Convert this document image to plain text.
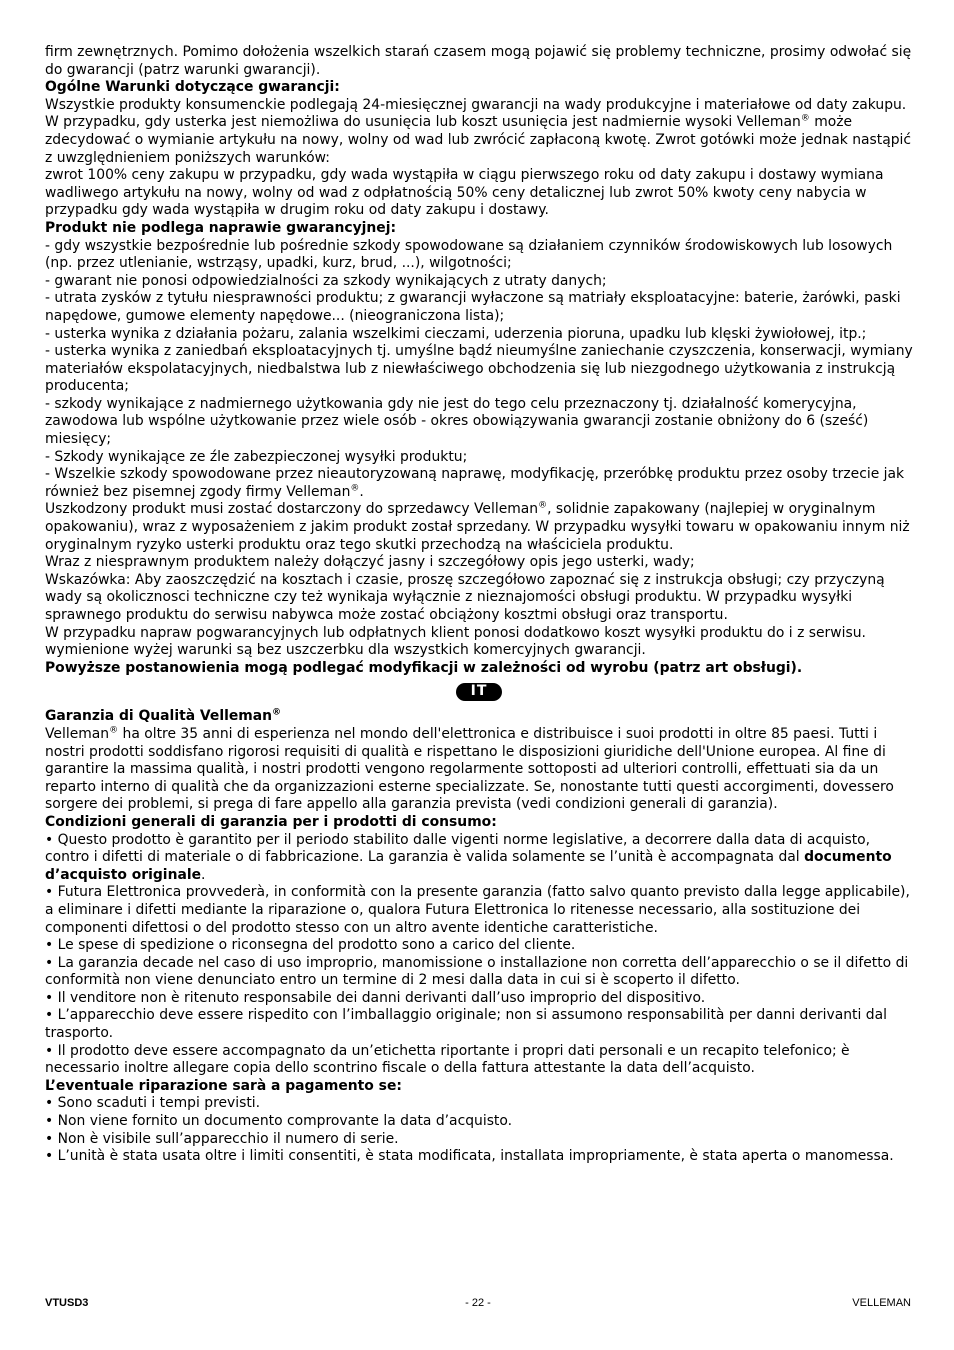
firm zewnętrznych. Pomimo dołożenia wszelkich starań czasem mogą pojawić się problemy techniczne, prosimy odwołać się do gwarancji (patrz warunki gwarancji).

Ogólne Warunki dotyczące gwarancji:

Wszystkie produkty konsumenckie podlegają 24-miesięcznej gwarancji na wady produkcyjne i materiałowe od daty zakupu.

W przypadku, gdy usterka jest niemożliwa do usunięcia lub koszt usunięcia jest nadmiernie wysoki Velleman® może zdecydować o wymianie artykułu na nowy, wolny od wad lub zwrócić zapłaconą kwotę. Zwrot gotówki może jednak nastąpić z uwzględnieniem poniższych warunków:

zwrot 100% ceny zakupu w przypadku, gdy wada wystąpiła w ciągu pierwszego roku od daty zakupu i dostawy wymiana wadliwego artykułu na nowy, wolny od wad z odpłatnością 50% ceny detalicznej lub zwrot 50% kwoty ceny nabycia w przypadku gdy wada wystąpiła w drugim roku od daty zakupu i dostawy.

Produkt nie podlega naprawie gwarancyjnej:

- gdy wszystkie bezpośrednie lub pośrednie szkody spowodowane są działaniem czynników środowiskowych lub losowych (np. przez utlenianie, wstrząsy, upadki, kurz, brud, ...), wilgotności;

- gwarant nie ponosi odpowiedzialności za szkody wynikających z utraty danych;

- utrata zysków z tytułu niesprawności produktu; z gwarancji wyłaczone są matriały eksploatacyjne: baterie, żarówki, paski napędowe, gumowe elementy napędowe... (nieograniczona lista);

- usterka wynika z działania pożaru, zalania wszelkimi cieczami, uderzenia pioruna, upadku lub klęski żywiołowej, itp.;

- usterka wynika z zaniedbań eksploatacyjnych tj. umyślne bądź nieumyślne zaniechanie czyszczenia, konserwacji, wymiany materiałów ekspolatacyjnych, niedbalstwa lub z niewłaściwego obchodzenia się lub niezgodnego użytkowania z instrukcją producenta;

- szkody wynikające z nadmiernego użytkowania gdy nie jest do tego celu przeznaczony tj. działalność komerycyjna, zawodowa lub wspólne użytkowanie przez wiele osób - okres obowiązywania gwarancji zostanie obniżony do 6 (sześć) miesięcy;

- Szkody wynikające ze źle zabezpieczonej wysyłki produktu;

- Wszelkie szkody spowodowane przez nieautoryzowaną naprawę, modyfikację, przeróbkę produktu przez osoby trzecie jak również bez pisemnej zgody firmy Velleman®.

Uszkodzony produkt musi zostać dostarczony do sprzedawcy Velleman®, solidnie zapakowany (najlepiej w oryginalnym opakowaniu), wraz z wyposażeniem z jakim produkt został sprzedany. W przypadku wysyłki towaru w opakowaniu innym niż oryginalnym ryzyko usterki produktu oraz tego skutki przechodzą na właściciela produktu.

Wraz z niesprawnym produktem należy dołączyć jasny i szczegółowy opis jego usterki, wady;

Wskazówka: Aby zaoszczędzić na kosztach i czasie, proszę szczegółowo zapoznać się z instrukcja obsługi; czy przyczyną wady są okolicznosci techniczne czy też wynikaja wyłącznie z nieznajomości obsługi produktu. W przypadku wysyłki sprawnego produktu do serwisu nabywca może zostać obciążony kosztmi obsługi oraz transportu.

W przypadku napraw pogwarancyjnych lub odpłatnych klient ponosi dodatkowo koszt wysyłki produktu do i z serwisu. wymienione wyżej warunki są bez uszczerbku dla wszystkich komercyjnych gwarancji.

Powyższe postanowienia mogą podlegać modyfikacji w zależności od wyrobu (patrz art obsługi).

IT

Garanzia di Qualità Velleman®

Velleman® ha oltre 35 anni di esperienza nel mondo dell'elettronica e distribuisce i suoi prodotti in oltre 85 paesi. Tutti i nostri prodotti soddisfano rigorosi requisiti di qualità e rispettano le disposizioni giuridiche dell'Unione europea. Al fine di garantire la massima qualità, i nostri prodotti vengono regolarmente sottoposti ad ulteriori controlli, effettuati sia da un reparto interno di qualità che da organizzazioni esterne specializzate. Se, nonostante tutti questi accorgimenti, dovessero sorgere dei problemi, si prega di fare appello alla garanzia prevista (vedi condizioni generali di garanzia).

Condizioni generali di garanzia per i prodotti di consumo:

• Questo prodotto è garantito per il periodo stabilito dalle vigenti norme legislative, a decorrere dalla data di acquisto, contro i difetti di materiale o di fabbricazione. La garanzia è valida solamente se l’unità è accompagnata dal documento d’acquisto originale.

• Futura Elettronica provvederà, in conformità con la presente garanzia (fatto salvo quanto previsto dalla legge applicabile), a eliminare i difetti mediante la riparazione o, qualora Futura Elettronica lo ritenesse necessario, alla sostituzione dei componenti difettosi o del prodotto stesso con un altro avente identiche caratteristiche.

• Le spese di spedizione o riconsegna del prodotto sono a carico del cliente.

• La garanzia decade nel caso di uso improprio, manomissione o installazione non corretta dell’apparecchio o se il difetto di conformità non viene denunciato entro un termine di 2 mesi dalla data in cui si è scoperto il difetto.

• Il venditore non è ritenuto responsabile dei danni derivanti dall’uso improprio del dispositivo.

• L’apparecchio deve essere rispedito con l’imballaggio originale; non si assumono responsabilità per danni derivanti dal trasporto.

• Il prodotto deve essere accompagnato da un’etichetta riportante i propri dati personali e un recapito telefonico; è necessario inoltre allegare copia dello scontrino fiscale o della fattura attestante la data dell’acquisto.

L’eventuale riparazione sarà a pagamento se:

• Sono scaduti i tempi previsti.

• Non viene fornito un documento comprovante la data d’acquisto.

• Non è visibile sull’apparecchio il numero di serie.

• L’unità è stata usata oltre i limiti consentiti, è stata modificata, installata impropriamente, è stata aperta o manomessa.

VTUSD3	- 22 -	VELLEMAN
